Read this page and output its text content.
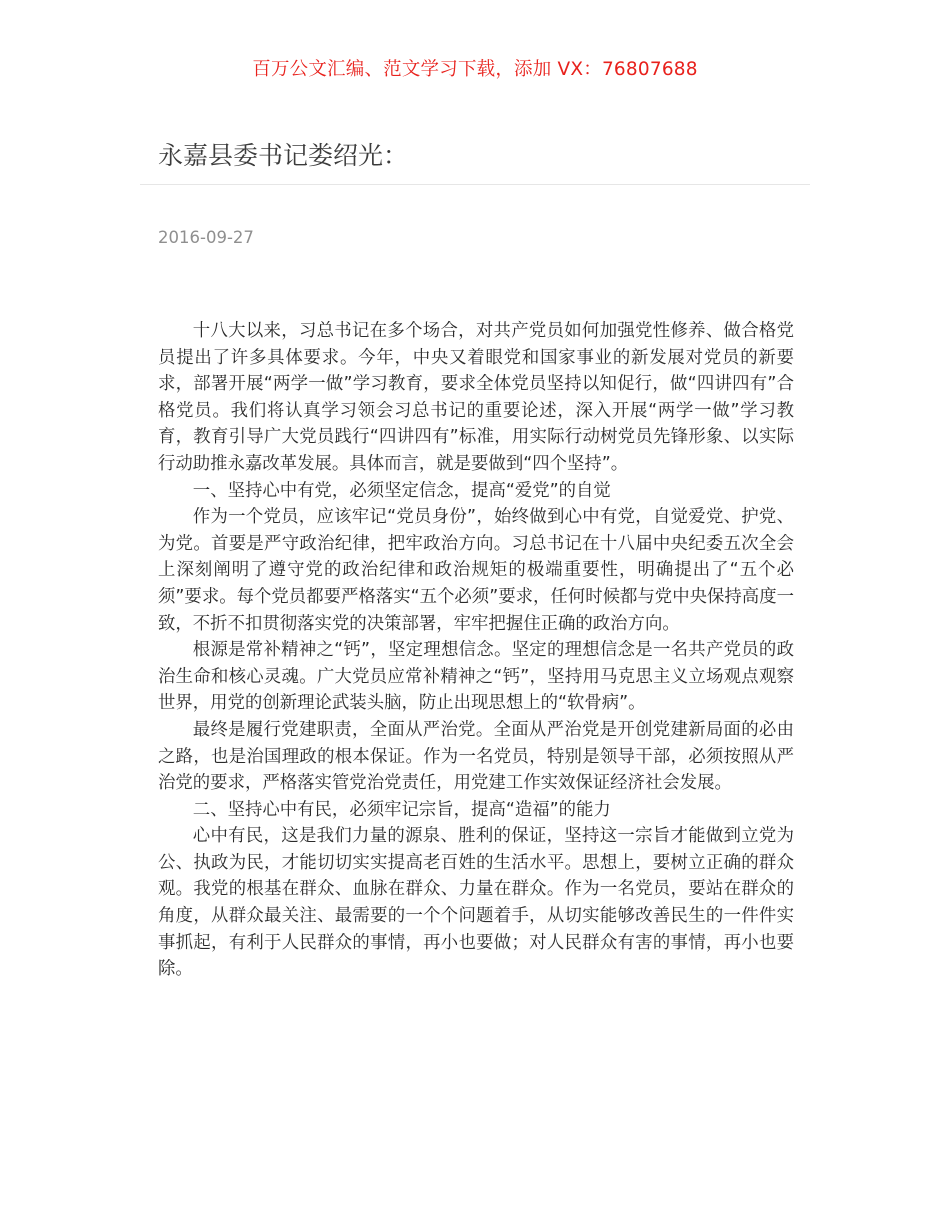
百万公文汇编、范文学习下载，添加 VX：76807688
永嘉县委书记娄绍光：
2016-09-27

十八大以来，习总书记在多个场合，对共产党员如何加强党性修养、做合格党员提出了许多具体要求。今年，中央又着眼党和国家事业的新发展对党员的新要求，部署开展“两学一做”学习教育，要求全体党员坚持以知促行，做“四讲四有”合格党员。我们将认真学习领会习总书记的重要论述，深入开展“两学一做”学习教育，教育引导广大党员践行“四讲四有”标准，用实际行动树党员先锋形象、以实际行动助推永嘉改革发展。具体而言，就是要做到“四个坚持”。

一、坚持心中有党，必须坚定信念，提高“爱党”的自觉

作为一个党员，应该牢记“党员身份”，始终做到心中有党，自觉爱党、护党、为党。首要是严守政治纪律，把牢政治方向。习总书记在十八届中央纪委五次全会上深刻阐明了遵守党的政治纪律和政治规矩的极端重要性，明确提出了“五个必须”要求。每个党员都要严格落实“五个必须”要求，任何时候都与党中央保持高度一致，不折不扣贯彻落实党的决策部署，牢牢把握住正确的政治方向。

根源是常补精神之“钙”，坚定理想信念。坚定的理想信念是一名共产党员的政治生命和核心灵魂。广大党员应常补精神之“钙”，坚持用马克思主义立场观点观察世界，用党的创新理论武装头脑，防止出现思想上的“软骨病”。

最终是履行党建职责，全面从严治党。全面从严治党是开创党建新局面的必由之路，也是治国理政的根本保证。作为一名党员，特别是领导干部，必须按照从严治党的要求，严格落实管党治党责任，用党建工作实效保证经济社会发展。

二、坚持心中有民，必须牢记宗旨，提高“造福”的能力

心中有民，这是我们力量的源泉、胜利的保证，坚持这一宗旨才能做到立党为公、执政为民，才能切切实实提高老百姓的生活水平。思想上，要树立正确的群众观。我党的根基在群众、血脉在群众、力量在群众。作为一名党员，要站在群众的角度，从群众最关注、最需要的一个个问题着手，从切实能够改善民生的一件件实事抓起，有利于人民群众的事情，再小也要做；对人民群众有害的事情，再小也要除。
